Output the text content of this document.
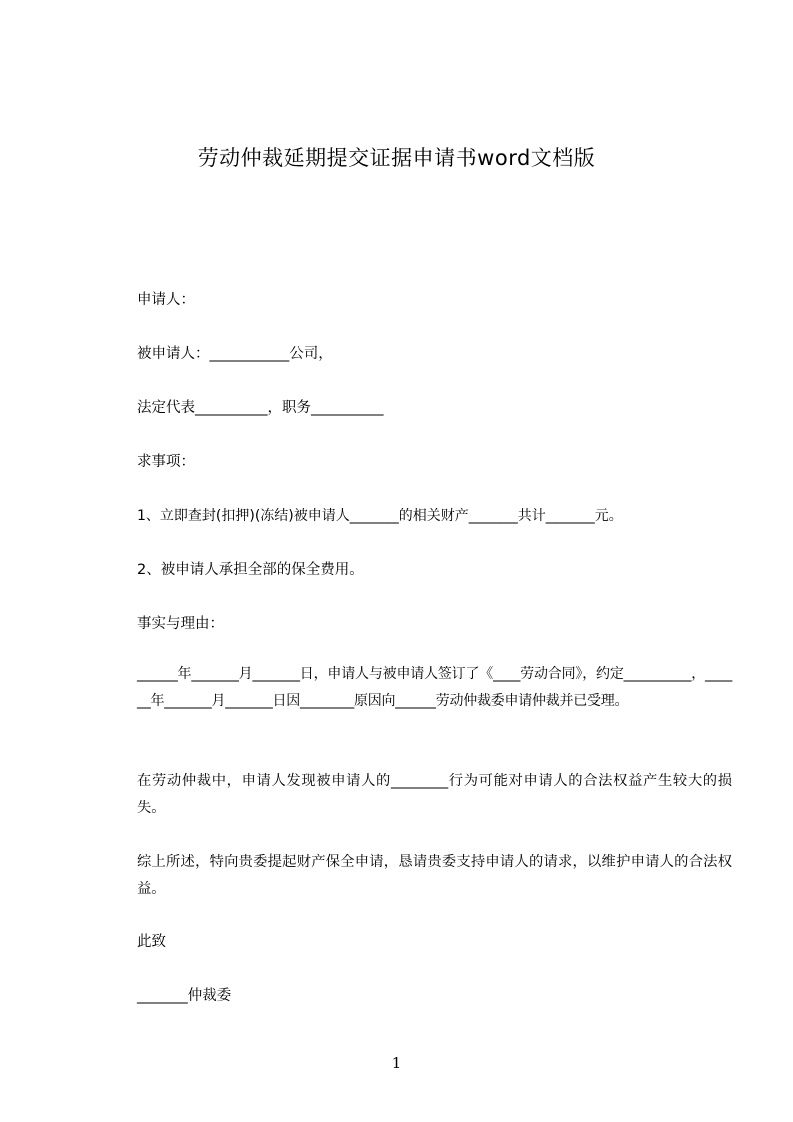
劳动仲裁延期提交证据申请书word文档版
申请人：
被申请人：___________公司，
法定代表__________，职务__________
求事项：
1、立即查封(扣押)(冻结)被申请人_______的相关财产_______共计_______元。
2、被申请人承担全部的保全费用。
事实与理由：
______年_______月_______日，申请人与被申请人签订了《____劳动合同》，约定__________，______年_______月_______日因________原因向______劳动仲裁委申请仲裁并已受理。
在劳动仲裁中，申请人发现被申请人的________行为可能对申请人的合法权益产生较大的损失。
综上所述，特向贵委提起财产保全申请，恳请贵委支持申请人的请求，以维护申请人的合法权益。
此致
_______仲裁委
1
